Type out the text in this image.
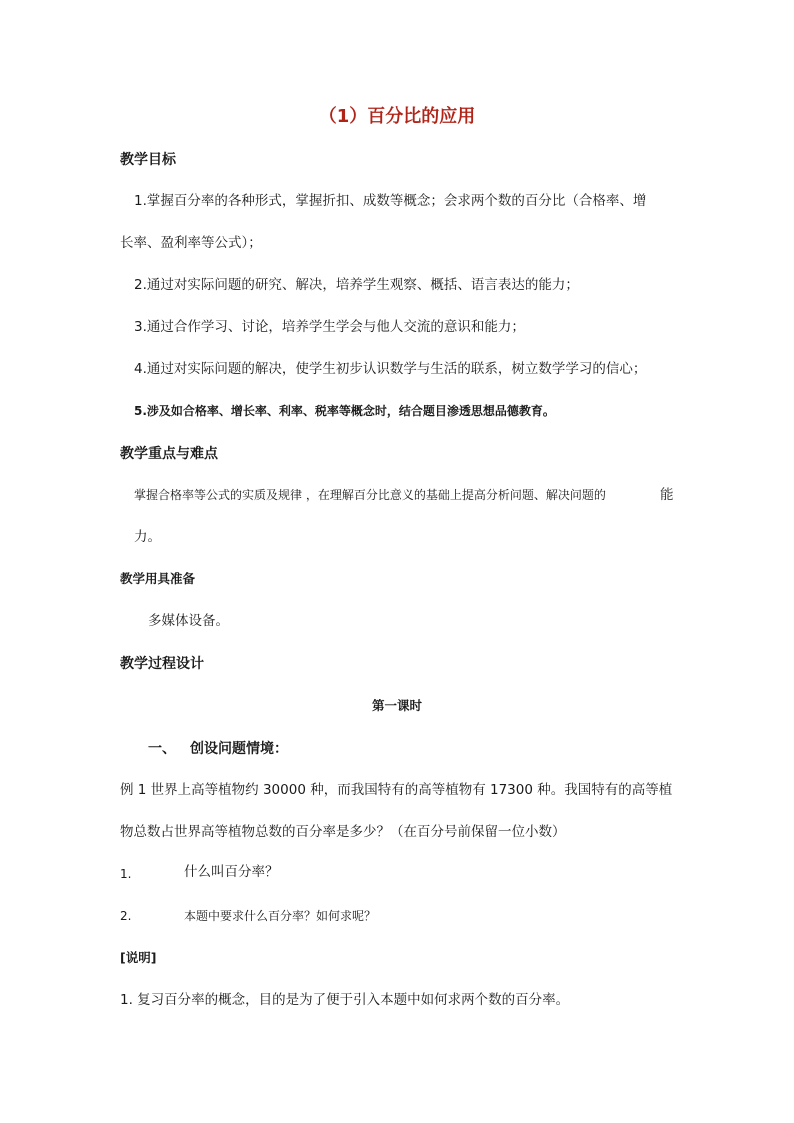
（1）百分比的应用
教学目标
1.掌握百分率的各种形式，掌握折扣、成数等概念；会求两个数的百分比（合格率、增
长率、盈利率等公式）；
2.通过对实际问题的研究、解决，培养学生观察、概括、语言表达的能力；
3.通过合作学习、讨论，培养学生学会与他人交流的意识和能力；
4.通过对实际问题的解决，使学生初步认识数学与生活的联系，树立数学学习的信心；
5.涉及如合格率、增长率、利率、税率等概念时，结合题目渗透思想品德教育。
教学重点与难点
掌握合格率等公式的实质及规律 ，在理解百分比意义的基础上提高分析问题、解决问题的	能
力。
教学用具准备
多媒体设备。
教学过程设计
第一课时
一、 创设问题情境：
例 1 世界上高等植物约 30000 种，而我国特有的高等植物有 17300 种。我国特有的高等植
物总数占世界高等植物总数的百分率是多少？（在百分号前保留一位小数）
1.	什么叫百分率？
2.	本题中要求什么百分率？如何求呢？
[说明]
1. 复习百分率的概念，目的是为了便于引入本题中如何求两个数的百分率。
